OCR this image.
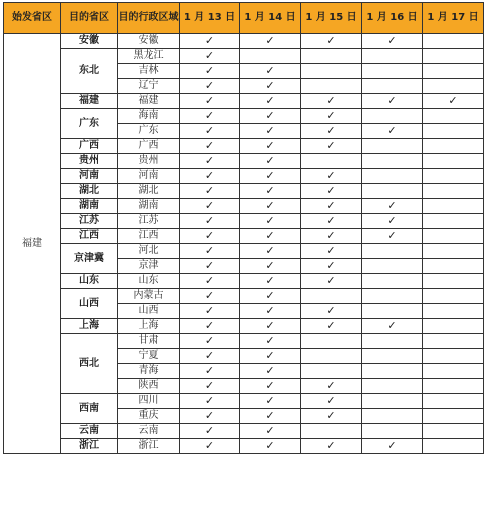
始发省区	目的省区	目的行政区域	1 月 13 日	1 月 14 日	1 月 15 日	1 月 16 日	1 月 17 日
福建	安徽	安徽	✓	✓	✓	✓	
	东北	黑龙江	✓				
		吉林	✓	✓			
		辽宁	✓	✓			
	福建	福建	✓	✓	✓	✓	✓
	广东	海南	✓	✓	✓		
		广东	✓	✓	✓	✓	
	广西	广西	✓	✓	✓		
	贵州	贵州	✓	✓			
	河南	河南	✓	✓	✓		
	湖北	湖北	✓	✓	✓		
	湖南	湖南	✓	✓	✓	✓	
	江苏	江苏	✓	✓	✓	✓	
	江西	江西	✓	✓	✓	✓	
	京津冀	河北	✓	✓	✓		
		京津	✓	✓	✓		
	山东	山东	✓	✓	✓		
	山西	内蒙古	✓	✓			
		山西	✓	✓	✓		
	上海	上海	✓	✓	✓	✓	
	西北	甘肃	✓	✓			
		宁夏	✓	✓			
		青海	✓	✓			
		陕西	✓	✓	✓		
	西南	四川	✓	✓	✓		
		重庆	✓	✓	✓		
	云南	云南	✓	✓			
	浙江	浙江	✓	✓	✓	✓	
